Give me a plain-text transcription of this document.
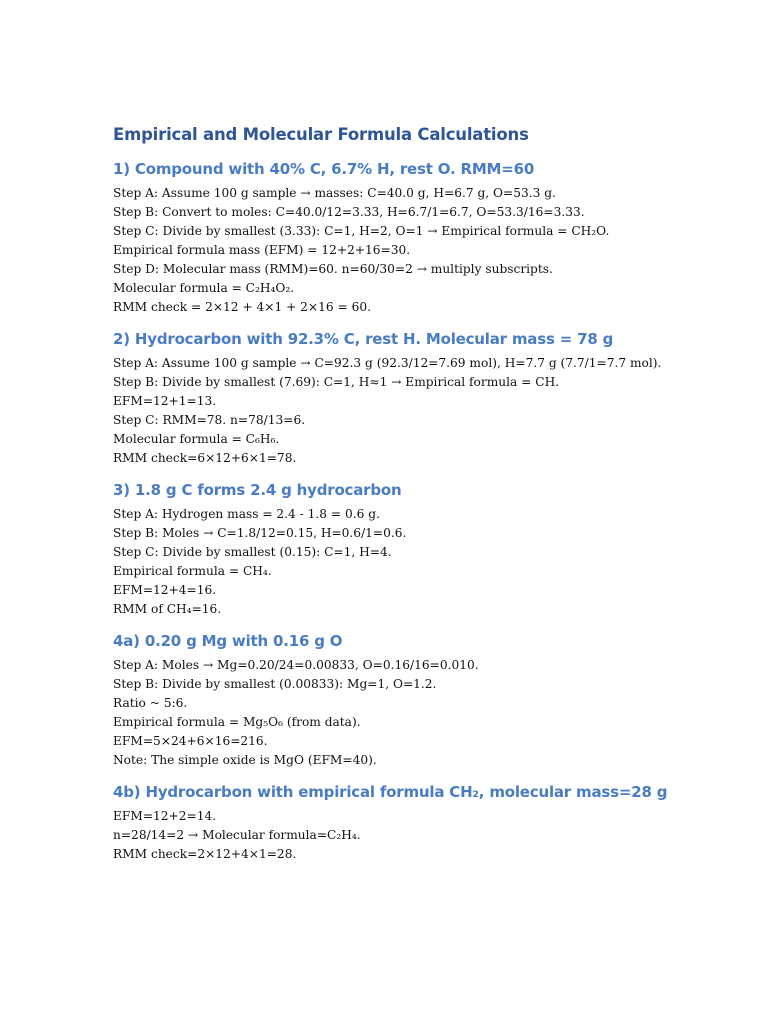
Empirical and Molecular Formula Calculations
1) Compound with 40% C, 6.7% H, rest O. RMM=60

Step A: Assume 100 g sample → masses: C=40.0 g, H=6.7 g, O=53.3 g.

Step B: Convert to moles: C=40.0/12=3.33, H=6.7/1=6.7, O=53.3/16=3.33.

Step C: Divide by smallest (3.33): C=1, H=2, O=1 → Empirical formula = CH₂O.

Empirical formula mass (EFM) = 12+2+16=30.

Step D: Molecular mass (RMM)=60. n=60/30=2 → multiply subscripts.

Molecular formula = C₂H₄O₂.

RMM check = 2×12 + 4×1 + 2×16 = 60.

2) Hydrocarbon with 92.3% C, rest H. Molecular mass = 78 g

Step A: Assume 100 g sample → C=92.3 g (92.3/12=7.69 mol), H=7.7 g (7.7/1=7.7 mol).

Step B: Divide by smallest (7.69): C=1, H≈1 → Empirical formula = CH.

EFM=12+1=13.

Step C: RMM=78. n=78/13=6.

Molecular formula = C₆H₆.

RMM check=6×12+6×1=78.

3) 1.8 g C forms 2.4 g hydrocarbon

Step A: Hydrogen mass = 2.4 - 1.8 = 0.6 g.

Step B: Moles → C=1.8/12=0.15, H=0.6/1=0.6.

Step C: Divide by smallest (0.15): C=1, H=4.

Empirical formula = CH₄.

EFM=12+4=16.

RMM of CH₄=16.

4a) 0.20 g Mg with 0.16 g O

Step A: Moles → Mg=0.20/24=0.00833, O=0.16/16=0.010.

Step B: Divide by smallest (0.00833): Mg=1, O=1.2.

Ratio ~ 5:6.

Empirical formula = Mg₅O₆ (from data).

EFM=5×24+6×16=216.

Note: The simple oxide is MgO (EFM=40).

4b) Hydrocarbon with empirical formula CH₂, molecular mass=28 g

EFM=12+2=14.

n=28/14=2 → Molecular formula=C₂H₄.

RMM check=2×12+4×1=28.
